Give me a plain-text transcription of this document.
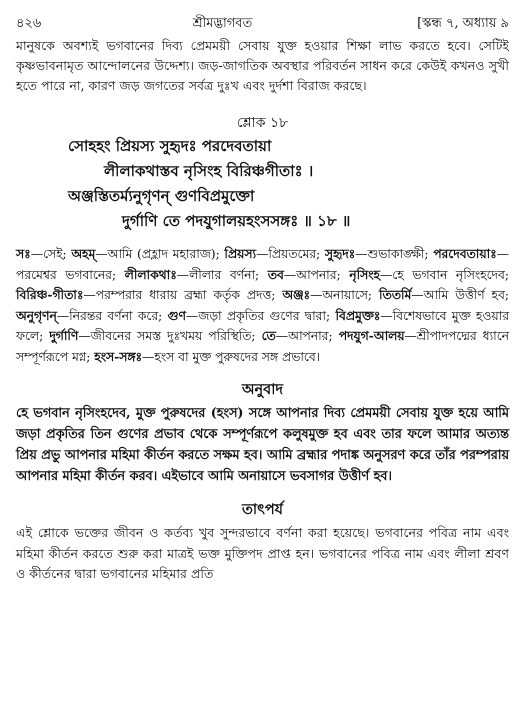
৪২৬	শ্রীমদ্ভাগবত	[স্কন্ধ ৭, অধ্যায় ৯

মানুষকে অবশ্যই ভগবানের দিব্য প্রেমময়ী সেবায় যুক্ত হওয়ার শিক্ষা লাভ করতে হবে। সেটিই কৃষ্ণভাবনামৃত আন্দোলনের উদ্দেশ্য। জড়-জাগতিক অবস্থার পরিবর্তন সাধন করে কেউই কখনও সুখী হতে পারে না, কারণ জড় জগতের সর্বত্র দুঃখ এবং দুর্দশা বিরাজ করছে।

শ্লোক ১৮
সোহহং প্রিয়স্য সুহৃদঃ পরদেবতায়া
লীলাকথাস্তব নৃসিংহ বিরিঞ্চগীতাঃ ।
অঞ্জস্তিতর্ম্যনুগৃণন্ গুণবিপ্রমুক্তো
দুর্গাণি তে পদযুগালয়হংসসঙ্গঃ ॥ ১৮ ॥

সঃ—সেই; অহম্—আমি (প্রহ্লাদ মহারাজ); প্রিয়স্য—প্রিয়তমের; সুহৃদঃ—শুভাকাঙ্ক্ষী; পরদেবতায়াঃ—পরমেশ্বর ভগবানের; লীলাকথাঃ—লীলার বর্ণনা; তব—আপনার; নৃসিংহ—হে ভগবান নৃসিংহদেব; বিরিঞ্চ-গীতাঃ—পরম্পরার ধারায় ব্রহ্মা কর্তৃক প্রদত্ত; অঞ্জঃ—অনায়াসে; তিতর্মি—আমি উত্তীর্ণ হব; অনুগৃণন্—নিরন্তর বর্ণনা করে; গুণ—জড়া প্রকৃতির গুণের দ্বারা; বিপ্রমুক্তঃ—বিশেষভাবে মুক্ত হওয়ার ফলে; দুর্গাণি—জীবনের সমস্ত দুঃখময় পরিস্থিতি; তে—আপনার; পদযুগ-আলয়—শ্রীপাদপদ্মের ধ্যানে সম্পূর্ণরূপে মগ্ন; হংস-সঙ্গঃ—হংস বা মুক্ত পুরুষদের সঙ্গ প্রভাবে।

অনুবাদ

হে ভগবান নৃসিংহদেব, মুক্ত পুরুষদের (হংস) সঙ্গে আপনার দিব্য প্রেমময়ী সেবায় যুক্ত হয়ে আমি জড়া প্রকৃতির তিন গুণের প্রভাব থেকে সম্পূর্ণরূপে কলুষমুক্ত হব এবং তার ফলে আমার অত্যন্ত প্রিয় প্রভু আপনার মহিমা কীর্তন করতে সক্ষম হব। আমি ব্রহ্মার পদাঙ্ক অনুসরণ করে তাঁর পরম্পরায় আপনার মহিমা কীর্তন করব। এইভাবে আমি অনায়াসে ভবসাগর উত্তীর্ণ হব।

তাৎপর্য

এই শ্লোকে ভক্তের জীবন ও কর্তব্য খুব সুন্দরভাবে বর্ণনা করা হয়েছে। ভগবানের পবিত্র নাম এবং মহিমা কীর্তন করতে শুরু করা মাত্রই ভক্ত মুক্তিপদ প্রাপ্ত হন। ভগবানের পবিত্র নাম এবং লীলা শ্রবণ ও কীর্তনের দ্বারা ভগবানের মহিমার প্রতি
